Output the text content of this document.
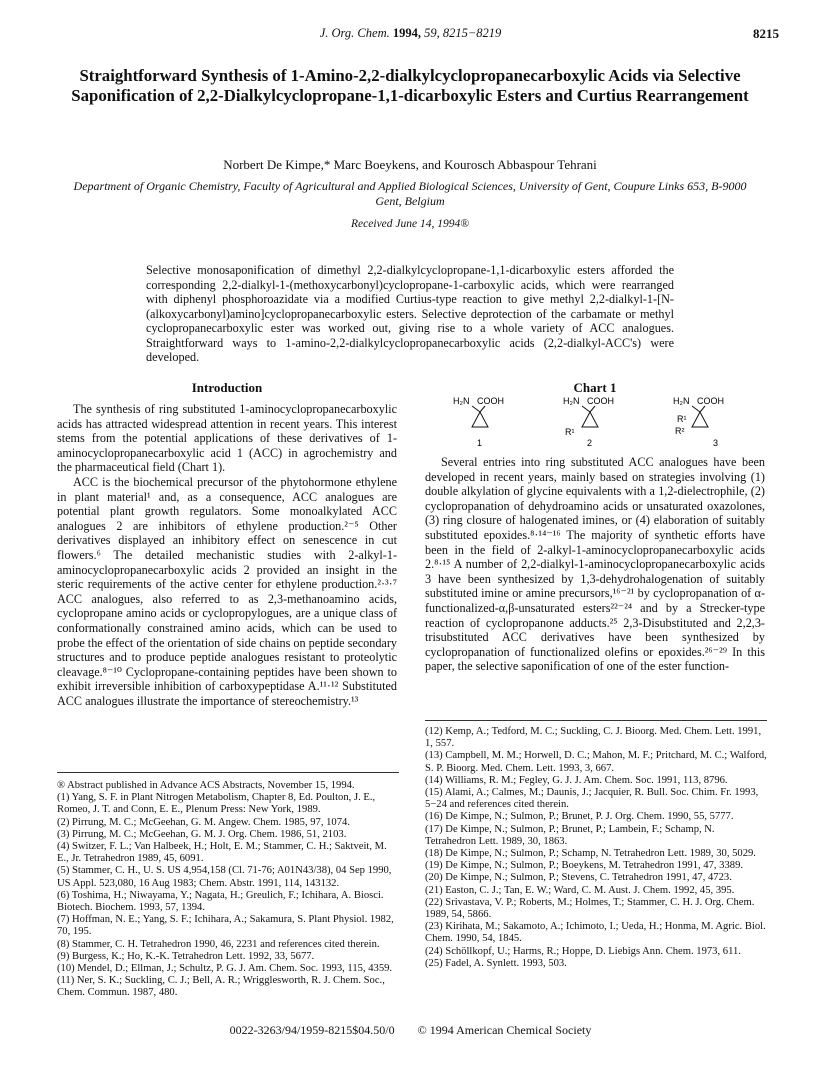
J. Org. Chem. 1994, 59, 8215−8219	8215
Straightforward Synthesis of 1-Amino-2,2-dialkylcyclopropanecarboxylic Acids via Selective Saponification of 2,2-Dialkylcyclopropane-1,1-dicarboxylic Esters and Curtius Rearrangement
Norbert De Kimpe,* Marc Boeykens, and Kourosch Abbaspour Tehrani
Department of Organic Chemistry, Faculty of Agricultural and Applied Biological Sciences, University of Gent, Coupure Links 653, B-9000 Gent, Belgium
Received June 14, 1994®
Selective monosaponification of dimethyl 2,2-dialkylcyclopropane-1,1-dicarboxylic esters afforded the corresponding 2,2-dialkyl-1-(methoxycarbonyl)cyclopropane-1-carboxylic acids, which were rearranged with diphenyl phosphoroazidate via a modified Curtius-type reaction to give methyl 2,2-dialkyl-1-[N-(alkoxycarbonyl)amino]cyclopropanecarboxylic esters. Selective deprotection of the carbamate or methyl cyclopropanecarboxylic ester was worked out, giving rise to a whole variety of ACC analogues. Straightforward ways to 1-amino-2,2-dialkylcyclopropanecarboxylic acids (2,2-dialkyl-ACC's) were developed.
Introduction	Chart 1

The synthesis of ring substituted 1-aminocyclopropanecarboxylic acids has attracted widespread attention in recent years. This interest stems from the potential applications of these derivatives of 1-aminocyclopropanecarboxylic acid 1 (ACC) in agrochemistry and the pharmaceutical field (Chart 1).

ACC is the biochemical precursor of the phytohormone ethylene in plant material¹ and, as a consequence, ACC analogues are potential plant growth regulators. Some monoalkylated ACC analogues 2 are inhibitors of ethylene production.²⁻⁵ Other derivatives displayed an inhibitory effect on senescence in cut flowers.⁶ The detailed mechanistic studies with 2-alkyl-1-aminocyclopropanecarboxylic acids 2 provided an insight in the steric requirements of the active center for ethylene production.²·³·⁷ ACC analogues, also referred to as 2,3-methanoamino acids, cyclopropane amino acids or cyclopropylogues, are a unique class of conformationally constrained amino acids, which can be used to probe the effect of the orientation of side chains on peptide secondary structures and to produce peptide analogues resistant to proteolytic cleavage.⁸⁻¹⁰ Cyclopropane-containing peptides have been shown to exhibit irreversible inhibition of carboxypeptidase A.¹¹·¹² Substituted ACC analogues illustrate the importance of stereochemistry.¹³

H₂N COOH
1
H₂N COOH
R¹
2
H₂N COOH
R¹
R²
3

Several entries into ring substituted ACC analogues have been developed in recent years, mainly based on strategies involving (1) double alkylation of glycine equivalents with a 1,2-dielectrophile, (2) cyclopropanation of dehydroamino acids or unsaturated oxazolones, (3) ring closure of halogenated imines, or (4) elaboration of suitably substituted epoxides.⁸·¹⁴⁻¹⁶ The majority of synthetic efforts have been in the field of 2-alkyl-1-aminocyclopropanecarboxylic acids 2.⁸·¹⁵ A number of 2,2-dialkyl-1-aminocyclopropanecarboxylic acids 3 have been synthesized by 1,3-dehydrohalogenation of suitably substituted imine or amine precursors,¹⁶⁻²¹ by cyclopropanation of α-functionalized-α,β-unsaturated esters²²⁻²⁴ and by a Strecker-type reaction of cyclopropanone adducts.²⁵ 2,3-Disubstituted and 2,2,3-trisubstituted ACC derivatives have been synthesized by cyclopropanation of functionalized olefins or epoxides.²⁶⁻²⁹ In this paper, the selective saponification of one of the ester function-

® Abstract published in Advance ACS Abstracts, November 15, 1994.

(1) Yang, S. F. in Plant Nitrogen Metabolism, Chapter 8, Ed. Poulton, J. E., Romeo, J. T. and Conn, E. E., Plenum Press: New York, 1989.

(2) Pirrung, M. C.; McGeehan, G. M. Angew. Chem. 1985, 97, 1074.

(3) Pirrung, M. C.; McGeehan, G. M. J. Org. Chem. 1986, 51, 2103.

(4) Switzer, F. L.; Van Halbeek, H.; Holt, E. M.; Stammer, C. H.; Saktveit, M. E., Jr. Tetrahedron 1989, 45, 6091.

(5) Stammer, C. H., U. S. US 4,954,158 (Cl. 71-76; A01N43/38), 04 Sep 1990, US Appl. 523,080, 16 Aug 1983; Chem. Abstr. 1991, 114, 143132.

(6) Toshima, H.; Niwayama, Y.; Nagata, H.; Greulich, F.; Ichihara, A. Biosci. Biotech. Biochem. 1993, 57, 1394.

(7) Hoffman, N. E.; Yang, S. F.; Ichihara, A.; Sakamura, S. Plant Physiol. 1982, 70, 195.

(8) Stammer, C. H. Tetrahedron 1990, 46, 2231 and references cited therein.

(9) Burgess, K.; Ho, K.-K. Tetrahedron Lett. 1992, 33, 5677.

(10) Mendel, D.; Ellman, J.; Schultz, P. G. J. Am. Chem. Soc. 1993, 115, 4359.

(11) Ner, S. K.; Suckling, C. J.; Bell, A. R.; Wrigglesworth, R. J. Chem. Soc., Chem. Commun. 1987, 480.

(12) Kemp, A.; Tedford, M. C.; Suckling, C. J. Bioorg. Med. Chem. Lett. 1991, 1, 557.

(13) Campbell, M. M.; Horwell, D. C.; Mahon, M. F.; Pritchard, M. C.; Walford, S. P. Bioorg. Med. Chem. Lett. 1993, 3, 667.

(14) Williams, R. M.; Fegley, G. J. J. Am. Chem. Soc. 1991, 113, 8796.

(15) Alami, A.; Calmes, M.; Daunis, J.; Jacquier, R. Bull. Soc. Chim. Fr. 1993, 5−24 and references cited therein.

(16) De Kimpe, N.; Sulmon, P.; Brunet, P. J. Org. Chem. 1990, 55, 5777.

(17) De Kimpe, N.; Sulmon, P.; Brunet, P.; Lambein, F.; Schamp, N. Tetrahedron Lett. 1989, 30, 1863.

(18) De Kimpe, N.; Sulmon, P.; Schamp, N. Tetrahedron Lett. 1989, 30, 5029.

(19) De Kimpe, N.; Sulmon, P.; Boeykens, M. Tetrahedron 1991, 47, 3389.

(20) De Kimpe, N.; Sulmon, P.; Stevens, C. Tetrahedron 1991, 47, 4723.

(21) Easton, C. J.; Tan, E. W.; Ward, C. M. Aust. J. Chem. 1992, 45, 395.

(22) Srivastava, V. P.; Roberts, M.; Holmes, T.; Stammer, C. H. J. Org. Chem. 1989, 54, 5866.

(23) Kirihata, M.; Sakamoto, A.; Ichimoto, I.; Ueda, H.; Honma, M. Agric. Biol. Chem. 1990, 54, 1845.

(24) Schöllkopf, U.; Harms, R.; Hoppe, D. Liebigs Ann. Chem. 1973, 611.

(25) Fadel, A. Synlett. 1993, 503.

0022-3263/94/1959-8215$04.50/0 © 1994 American Chemical Society
